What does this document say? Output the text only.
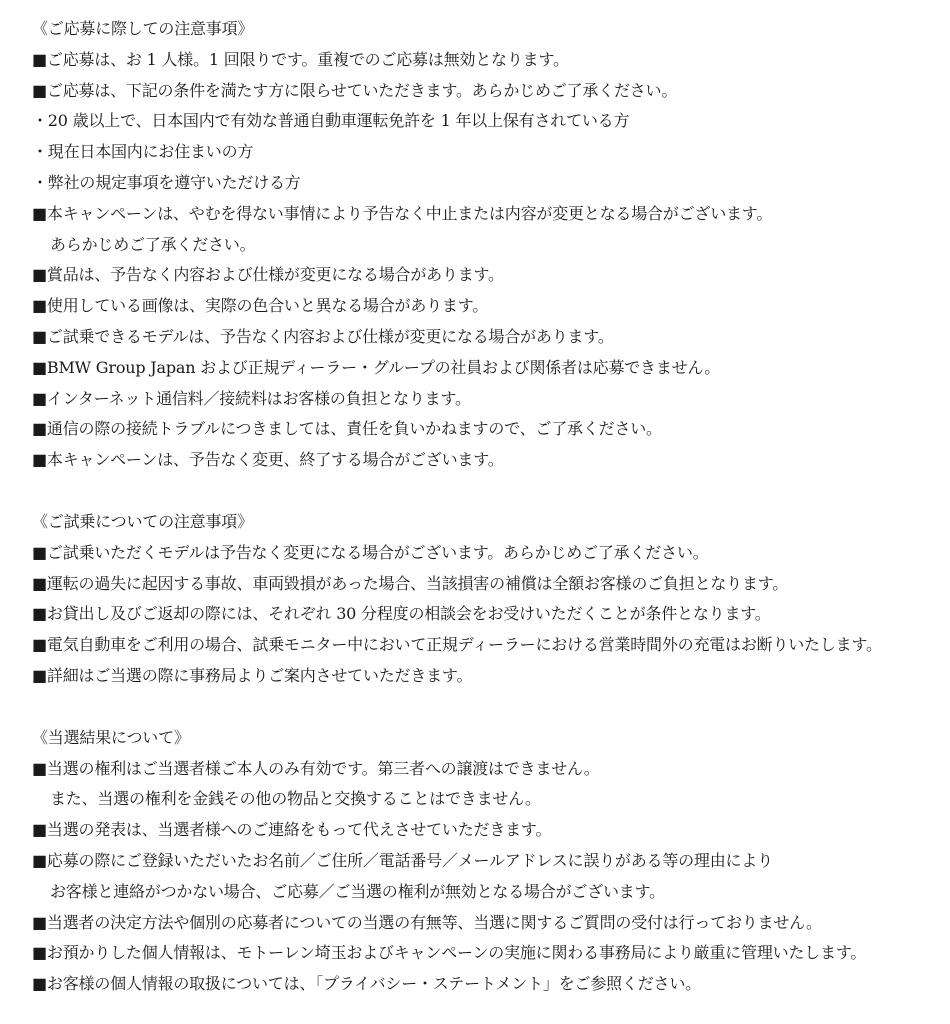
《ご応募に際しての注意事項》
■ご応募は、お 1 人様。1 回限りです。重複でのご応募は無効となります。
■ご応募は、下記の条件を満たす方に限らせていただきます。あらかじめご了承ください。
・20 歳以上で、日本国内で有効な普通自動車運転免許を 1 年以上保有されている方
・現在日本国内にお住まいの方
・弊社の規定事項を遵守いただける方
■本キャンペーンは、やむを得ない事情により予告なく中止または内容が変更となる場合がございます。
あらかじめご了承ください。
■賞品は、予告なく内容および仕様が変更になる場合があります。
■使用している画像は、実際の色合いと異なる場合があります。
■ご試乗できるモデルは、予告なく内容および仕様が変更になる場合があります。
■BMW Group Japan および正規ディーラー・グループの社員および関係者は応募できません。
■インターネット通信料／接続料はお客様の負担となります。
■通信の際の接続トラブルにつきましては、責任を負いかねますので、ご了承ください。
■本キャンペーンは、予告なく変更、終了する場合がございます。
《ご試乗についての注意事項》
■ご試乗いただくモデルは予告なく変更になる場合がございます。あらかじめご了承ください。
■運転の過失に起因する事故、車両毀損があった場合、当該損害の補償は全額お客様のご負担となります。
■お貸出し及びご返却の際には、それぞれ 30 分程度の相談会をお受けいただくことが条件となります。
■電気自動車をご利用の場合、試乗モニター中において正規ディーラーにおける営業時間外の充電はお断りいたします。
■詳細はご当選の際に事務局よりご案内させていただきます。
《当選結果について》
■当選の権利はご当選者様ご本人のみ有効です。第三者への譲渡はできません。
また、当選の権利を金銭その他の物品と交換することはできません。
■当選の発表は、当選者様へのご連絡をもって代えさせていただきます。
■応募の際にご登録いただいたお名前／ご住所／電話番号／メールアドレスに誤りがある等の理由により
お客様と連絡がつかない場合、ご応募／ご当選の権利が無効となる場合がございます。
■当選者の決定方法や個別の応募者についての当選の有無等、当選に関するご質問の受付は行っておりません。
■お預かりした個人情報は、モトーレン埼玉およびキャンペーンの実施に関わる事務局により厳重に管理いたします。
■お客様の個人情報の取扱については、「プライバシー・ステートメント」をご参照ください。
